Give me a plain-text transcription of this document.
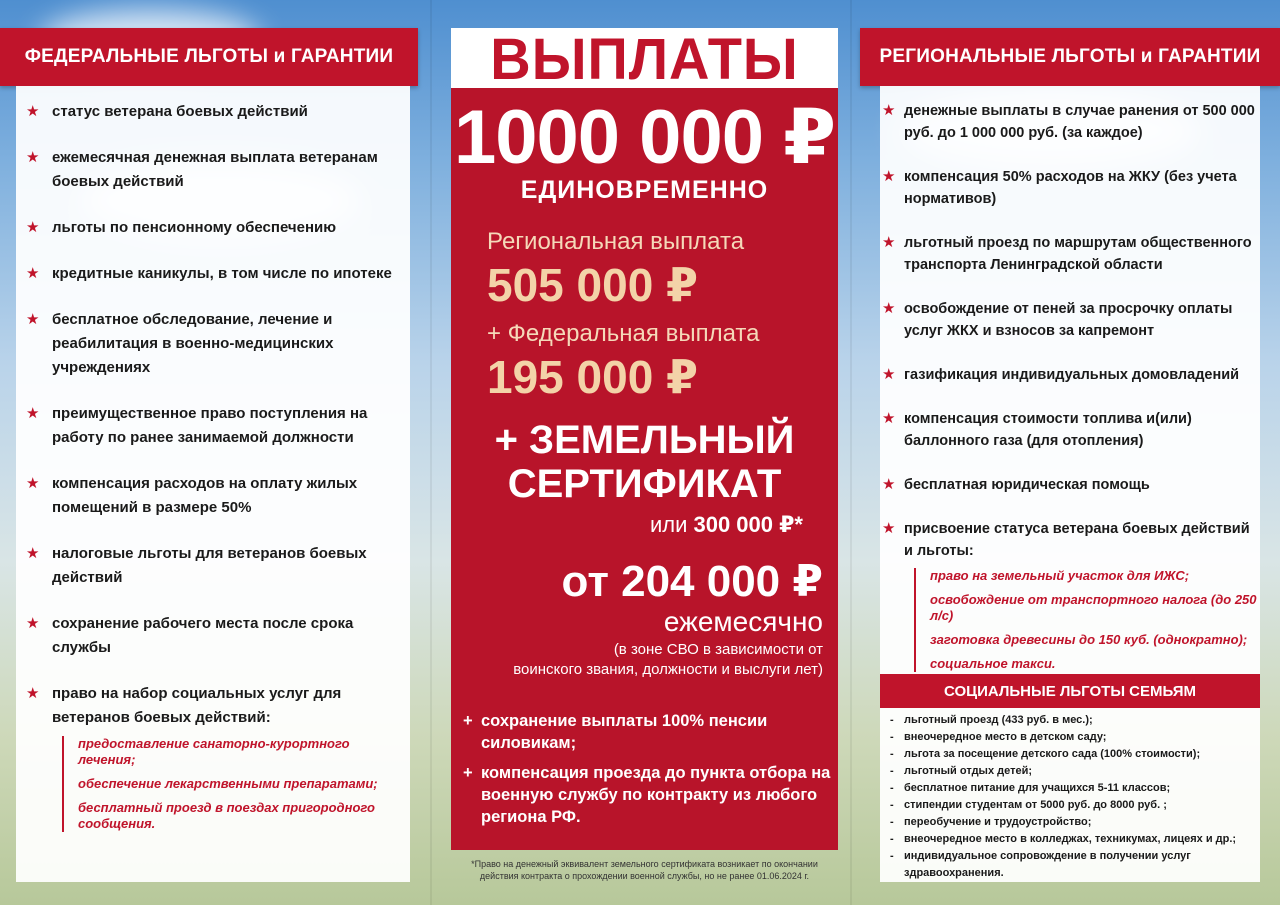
ФЕДЕРАЛЬНЫЕ ЛЬГОТЫ и ГАРАНТИИ
★ статус ветерана боевых действий
★ ежемесячная денежная выплата ветеранам боевых действий
★ льготы по пенсионному обеспечению
★ кредитные каникулы, в том числе по ипотеке
★ бесплатное обследование, лечение и реабилитация в военно-медицинских учреждениях
★ преимущественное право поступления на работу по ранее занимаемой должности
★ компенсация расходов на оплату жилых помещений в размере 50%
★ налоговые льготы для ветеранов боевых действий
★ сохранение рабочего места после срока службы
★ право на набор социальных услуг для ветеранов боевых действий:
предоставление санаторно-курортного лечения;
обеспечение лекарственными препаратами;
бесплатный проезд в поездах пригородного сообщения.
ВЫПЛАТЫ
1000 000 ₽
ЕДИНОВРЕМЕННО
Региональная выплата
505 000 ₽
+ Федеральная выплата
195 000 ₽
+ ЗЕМЕЛЬНЫЙ
СЕРТИФИКАТ
или 300 000 ₽*
от 204 000 ₽
ежемесячно
(в зоне СВО в зависимости от
воинского звания, должности и выслуги лет)
+ сохранение выплаты 100% пенсии силовикам;
+ компенсация проезда до пункта отбора на военную службу по контракту из любого региона РФ.
*Право на денежный эквивалент земельного сертификата возникает по окончании
действия контракта о прохождении военной службы, но не ранее 01.06.2024 г.
РЕГИОНАЛЬНЫЕ ЛЬГОТЫ и ГАРАНТИИ
★ денежные выплаты в случае ранения от 500 000 руб. до 1 000 000 руб. (за каждое)
★ компенсация 50% расходов на ЖКУ (без учета нормативов)
★ льготный проезд по маршрутам общественного транспорта Ленинградской области
★ освобождение от пеней за просрочку оплаты услуг ЖКХ и взносов за капремонт
★ газификация индивидуальных домовладений
★ компенсация стоимости топлива и(или) баллонного газа (для отопления)
★ бесплатная юридическая помощь
★ присвоение статуса ветерана боевых действий и льготы:
право на земельный участок для ИЖС;
освобождение от транспортного налога (до 250 л/с)
заготовка древесины до 150 куб. (однократно);
социальное такси.
СОЦИАЛЬНЫЕ ЛЬГОТЫ СЕМЬЯМ
- льготный проезд (433 руб. в мес.);
- внеочередное место в детском саду;
- льгота за посещение детского сада (100% стоимости);
- льготный отдых детей;
- бесплатное питание для учащихся 5-11 классов;
- стипендии студентам от 5000 руб. до 8000 руб. ;
- переобучение и трудоустройство;
- внеочередное место в колледжах, техникумах, лицеях и др.;
- индивидуальное сопровождение в получении услуг здравоохранения.
